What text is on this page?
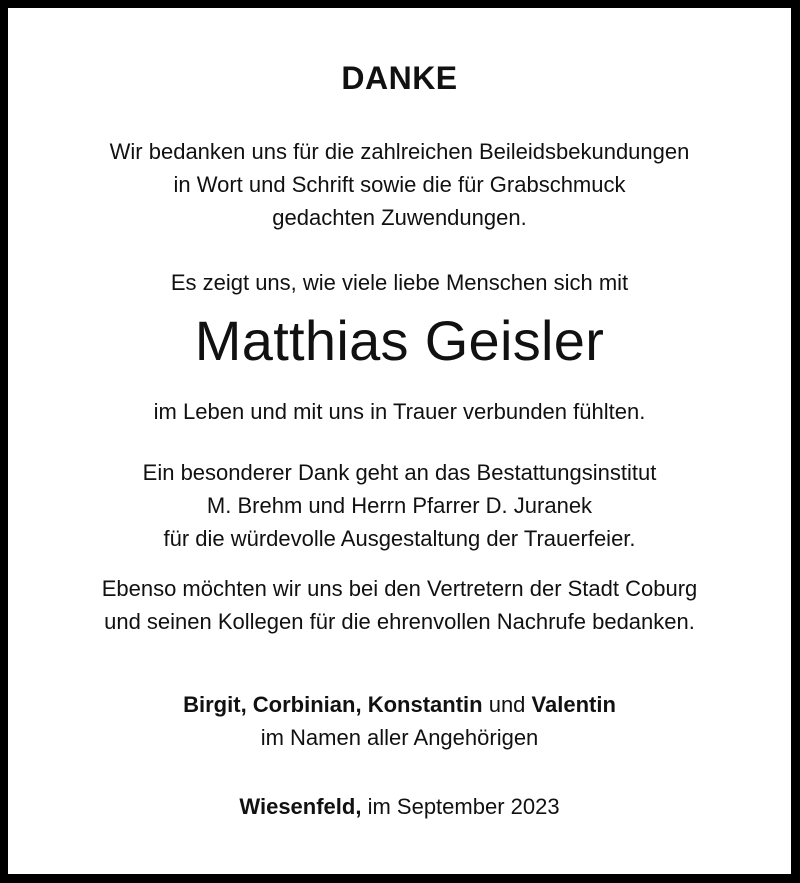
DANKE
Wir bedanken uns für die zahlreichen Beileidsbekundungen
in Wort und Schrift sowie die für Grabschmuck
gedachten Zuwendungen.
Es zeigt uns, wie viele liebe Menschen sich mit
Matthias Geisler
im Leben und mit uns in Trauer verbunden fühlten.
Ein besonderer Dank geht an das Bestattungsinstitut
M. Brehm und Herrn Pfarrer D. Juranek
für die würdevolle Ausgestaltung der Trauerfeier.
Ebenso möchten wir uns bei den Vertretern der Stadt Coburg
und seinen Kollegen für die ehrenvollen Nachrufe bedanken.
Birgit, Corbinian, Konstantin und Valentin
im Namen aller Angehörigen
Wiesenfeld, im September 2023
